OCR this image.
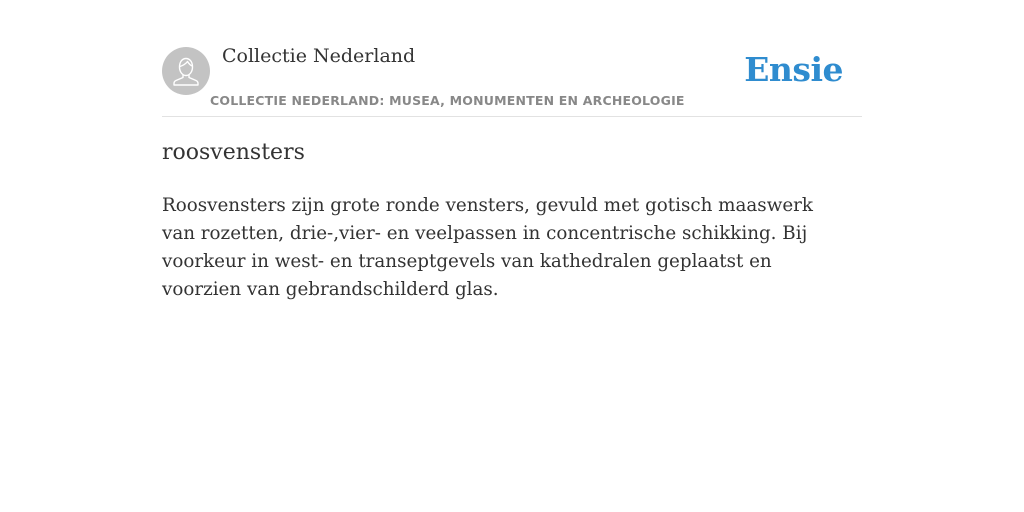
Collectie Nederland
COLLECTIE NEDERLAND: MUSEA, MONUMENTEN EN ARCHEOLOGIE
Ensie
roosvensters

Roosvensters zijn grote ronde vensters, gevuld met gotisch maaswerk van rozetten, drie-,vier- en veelpassen in concentrische schikking. Bij voorkeur in west- en transeptgevels van kathedralen geplaatst en voorzien van gebrandschilderd glas.
